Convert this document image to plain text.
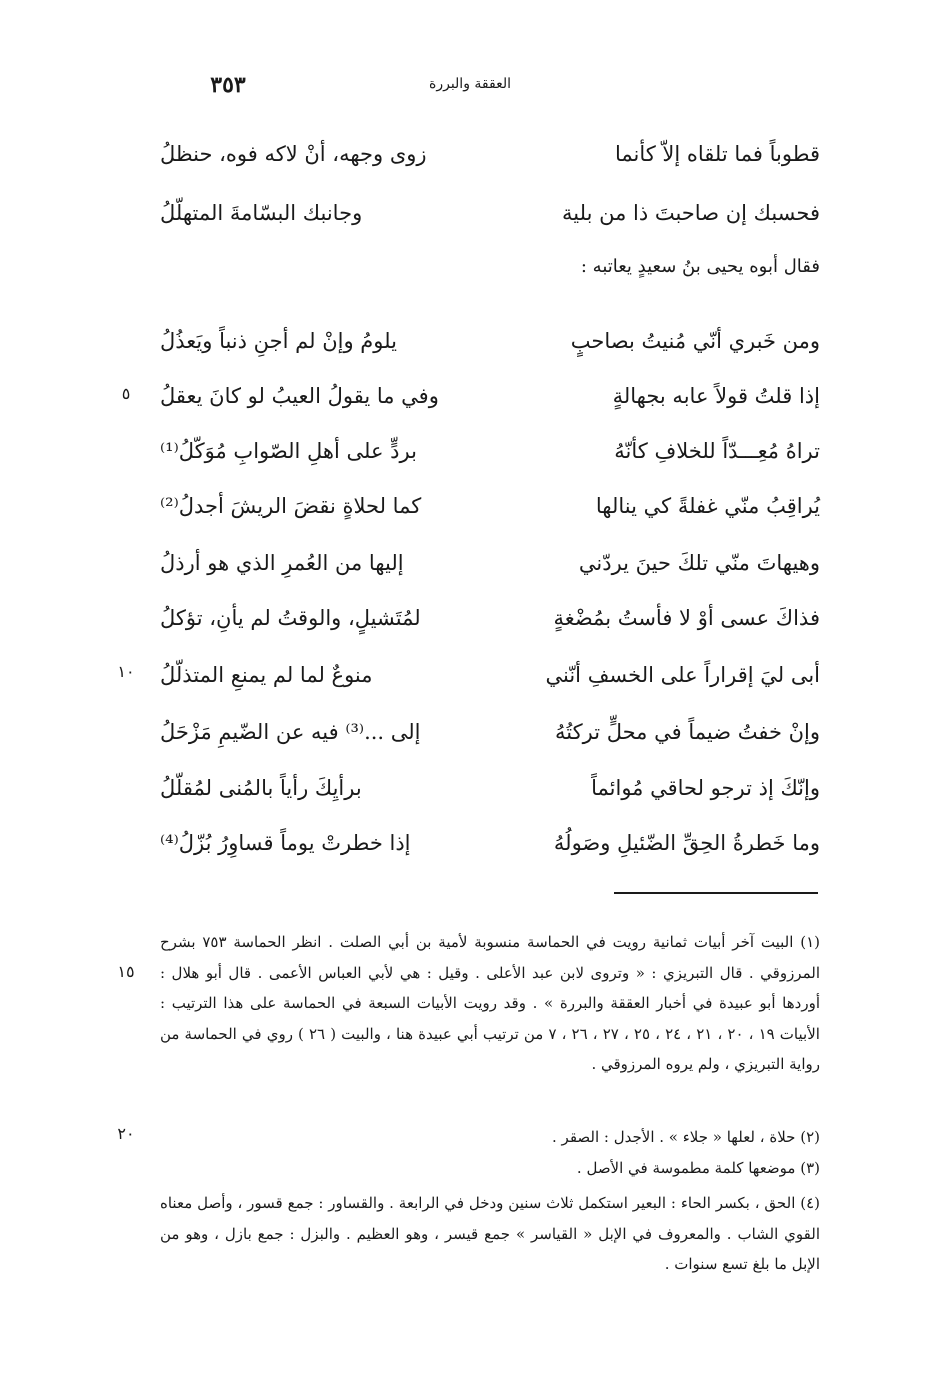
٣٥٣	العققة والبررة
قطوباً فما تلقاه إلاّ كأنما
زوى وجهه، أنْ لاكه فوه، حنظلُ
فحسبك إن صاحبتَ ذا من بلية
وجانبك البسّامةَ المتهلّلُ
فقال أبوه يحيى بنُ سعيدٍ يعاتبه :
ومن خَبري أنّي مُنيتُ بصاحبٍ
يلومُ وإنْ لم أجنِ ذنباً ويَعذُلُ
إذا قلتُ قولاً عابه بجهالةٍ
وفي ما يقولُ العيبُ لو كانَ يعقلُ
تراهُ مُعِـــدّاً للخلافِ كأنّهُ
بردٍّ على أهلِ الصّوابِ مُوَكّلُ⁽¹⁾
يُراقِبُ منّي غفلةً كي ينالها
كما لحلاةٍ نقضَ الريشَ أجدلُ⁽²⁾
وهيهاتَ منّي تلكَ حينَ يردّني
إليها من العُمرِ الذي هو أرذلُ
فذاكَ عسى أوْ لا فأستُ بمُضْغةٍ
لمُتَشيلٍ، والوقتُ لم يأنِ، تؤكلُ
أبى ليَ إقراراً على الخسفِ أنّني
منوعٌ لما لم يمنعِ المتذلّلُ
وإنْ خفتُ ضيماً في محلٍّ تركتُهُ
إلى ...⁽³⁾ فيه عن الضّيمِ مَزْحَلُ
وإنّكَ إذ ترجو لحاقي مُوائماً
برأيِكَ رأياً بالمُنى لمُقلّلُ
وما خَطرةُ الحِقِّ الضّئيلِ وصَولُهُ
إذا خطرتْ يوماً قساوِرُ بُزّلُ⁽⁴⁾
٥
١٠
١٥
٢٠
(١) البيت آخر أبيات ثمانية رويت في الحماسة منسوبة لأمية بن أبي الصلت . انظر الحماسة ٧٥٣ بشرح المرزوقي . قال التبريزي : « وتروى لابن عبد الأعلى . وقيل : هي لأبي العباس الأعمى . قال أبو هلال : أوردها أبو عبيدة في أخبار العققة والبررة » . وقد رويت الأبيات السبعة في الحماسة على هذا الترتيب : الأبيات ١٩ ، ٢٠ ، ٢١ ، ٢٤ ، ٢٥ ، ٢٧ ، ٢٦ ، ٧ من ترتيب أبي عبيدة هنا ، والبيت ( ٢٦ ) روي في الحماسة من رواية التبريزي ، ولم يروه المرزوقي .
(٢) حلاة ، لعلها « جلاء » . الأجدل : الصقر .
(٣) موضعها كلمة مطموسة في الأصل .
(٤) الحق ، بكسر الحاء : البعير استكمل ثلاث سنين ودخل في الرابعة . والقساور : جمع قسور ، وأصل معناه القوي الشاب . والمعروف في الإبل « القياسر » جمع قيسر ، وهو العظيم . والبزل : جمع بازل ، وهو من الإبل ما بلغ تسع سنوات .
